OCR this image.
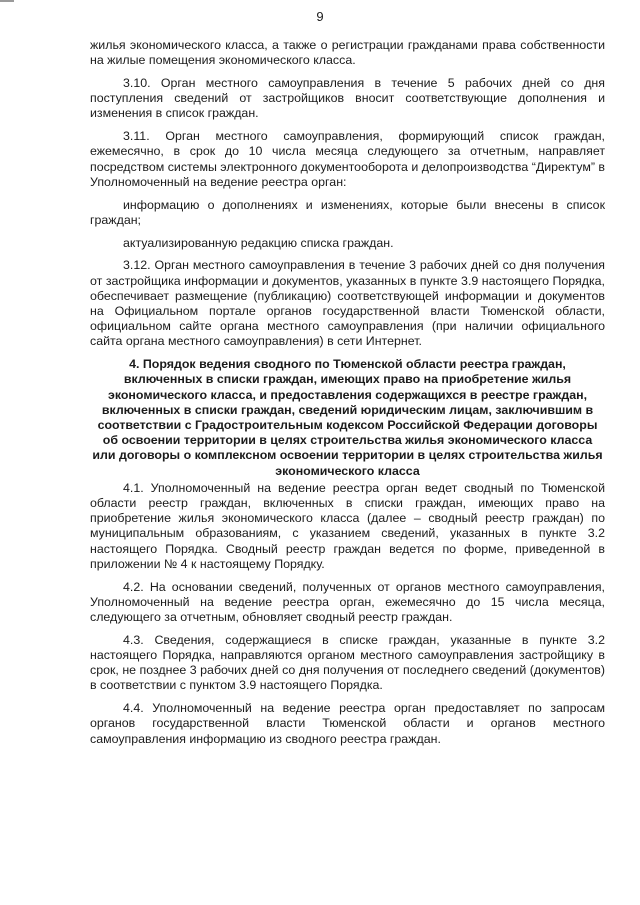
9

жилья экономического класса, а также о регистрации гражданами права собственности на жилые помещения экономического класса.

3.10. Орган местного самоуправления в течение 5 рабочих дней со дня поступления сведений от застройщиков вносит соответствующие дополнения и изменения в список граждан.

3.11. Орган местного самоуправления, формирующий список граждан, ежемесячно, в срок до 10 числа месяца следующего за отчетным, направляет посредством системы электронного документооборота и делопроизводства “Директум” в Уполномоченный на ведение реестра орган:

информацию о дополнениях и изменениях, которые были внесены в список граждан;

актуализированную редакцию списка граждан.

3.12. Орган местного самоуправления в течение 3 рабочих дней со дня получения от застройщика информации и документов, указанных в пункте 3.9 настоящего Порядка, обеспечивает размещение (публикацию) соответствующей информации и документов на Официальном портале органов государственной власти Тюменской области, официальном сайте органа местного самоуправления (при наличии официального сайта органа местного самоуправления) в сети Интернет.

4. Порядок ведения сводного по Тюменской области реестра граждан, включенных в списки граждан, имеющих право на приобретение жилья экономического класса, и предоставления содержащихся в реестре граждан, включенных в списки граждан, сведений юридическим лицам, заключившим в соответствии с Градостроительным кодексом Российской Федерации договоры об освоении территории в целях строительства жилья экономического класса или договоры о комплексном освоении территории в целях строительства жилья экономического класса

4.1. Уполномоченный на ведение реестра орган ведет сводный по Тюменской области реестр граждан, включенных в списки граждан, имеющих право на приобретение жилья экономического класса (далее – сводный реестр граждан) по муниципальным образованиям, с указанием сведений, указанных в пункте 3.2 настоящего Порядка. Сводный реестр граждан ведется по форме, приведенной в приложении № 4 к настоящему Порядку.

4.2. На основании сведений, полученных от органов местного самоуправления, Уполномоченный на ведение реестра орган, ежемесячно до 15 числа месяца, следующего за отчетным, обновляет сводный реестр граждан.

4.3. Сведения, содержащиеся в списке граждан, указанные в пункте 3.2 настоящего Порядка, направляются органом местного самоуправления застройщику в срок, не позднее 3 рабочих дней со дня получения от последнего сведений (документов) в соответствии с пунктом 3.9 настоящего Порядка.

4.4. Уполномоченный на ведение реестра орган предоставляет по запросам органов государственной власти Тюменской области и органов местного самоуправления информацию из сводного реестра граждан.
